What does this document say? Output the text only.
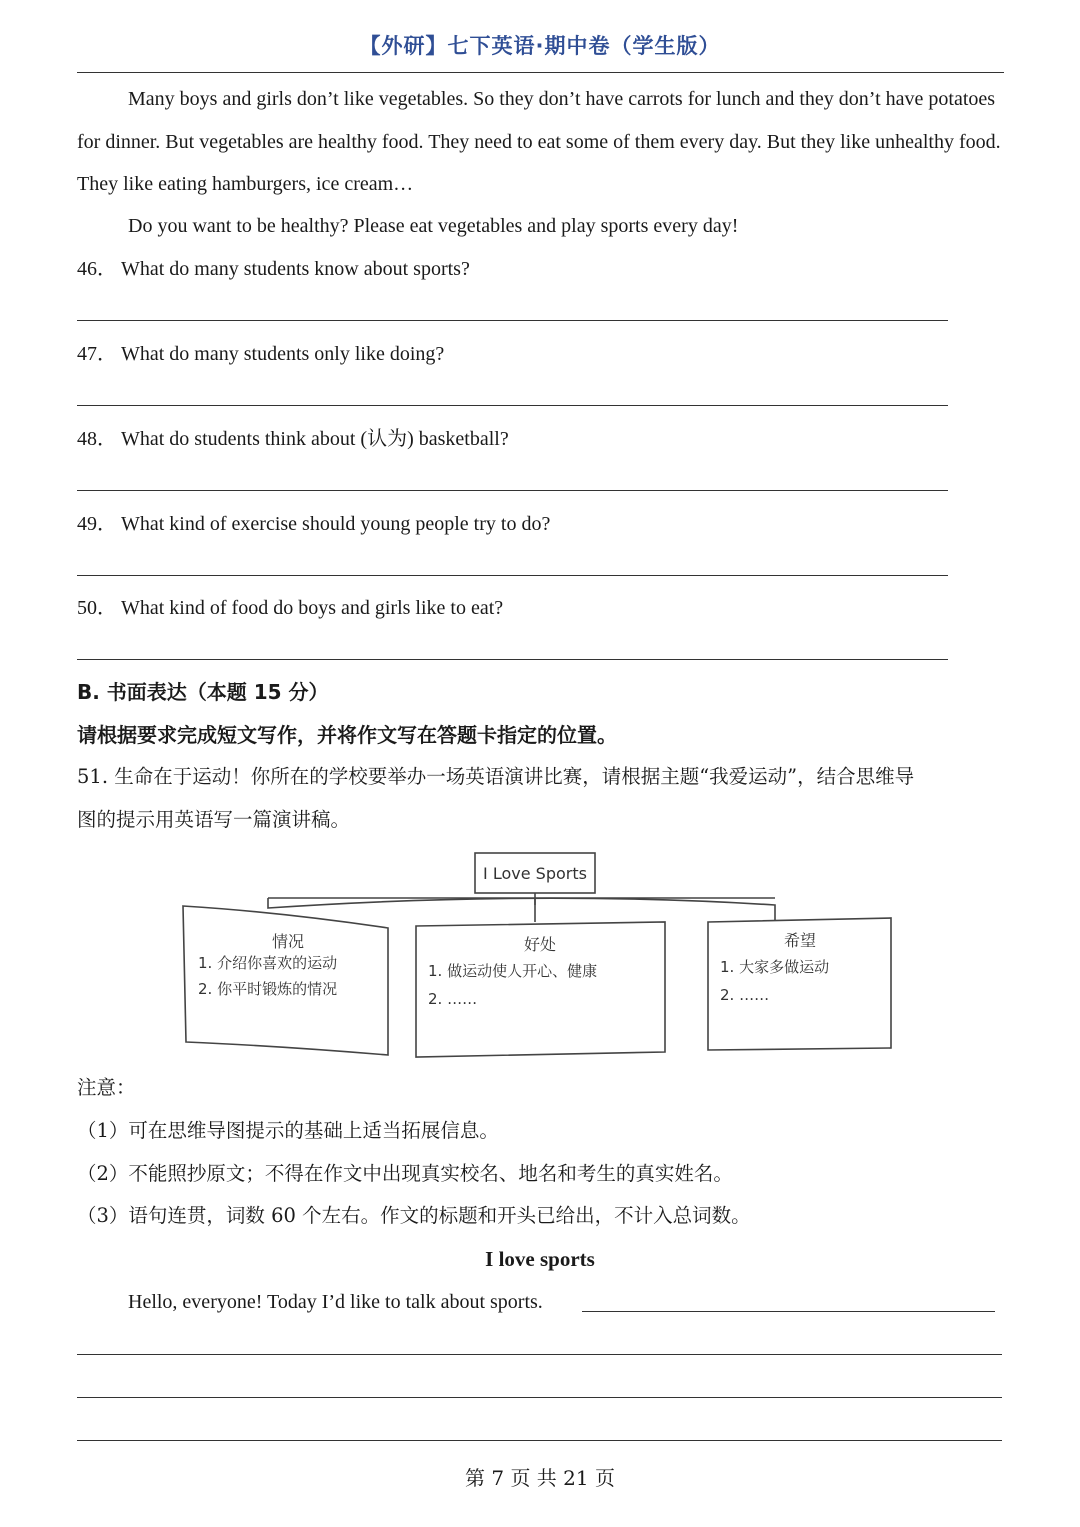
【外研】七下英语·期中卷（学生版）
Many boys and girls don’t like vegetables. So they don’t have carrots for lunch and they don’t have potatoes for dinner. But vegetables are healthy food. They need to eat some of them every day. But they like unhealthy food. They like eating hamburgers, ice cream…
Do you want to be healthy? Please eat vegetables and play sports every day!
46． What do many students know about sports?
47． What do many students only like doing?
48． What do students think about (认为) basketball?
49． What kind of exercise should young people try to do?
50． What kind of food do boys and girls like to eat?
B. 书面表达（本题 15 分）
请根据要求完成短文写作，并将作文写在答题卡指定的位置。
51. 生命在于运动！你所在的学校要举办一场英语演讲比赛，请根据主题“我爱运动”，结合思维导
图的提示用英语写一篇演讲稿。
I Love Sports
情况
1. 介绍你喜欢的运动
2. 你平时锻炼的情况
好处
1. 做运动使人开心、健康
2. ……
希望
1. 大家多做运动
2. ……
注意：
（1）可在思维导图提示的基础上适当拓展信息。
（2）不能照抄原文；不得在作文中出现真实校名、地名和考生的真实姓名。
（3）语句连贯，词数 60 个左右。作文的标题和开头已给出，不计入总词数。
I love sports
Hello, everyone! Today I’d like to talk about sports.
第 7 页 共 21 页
